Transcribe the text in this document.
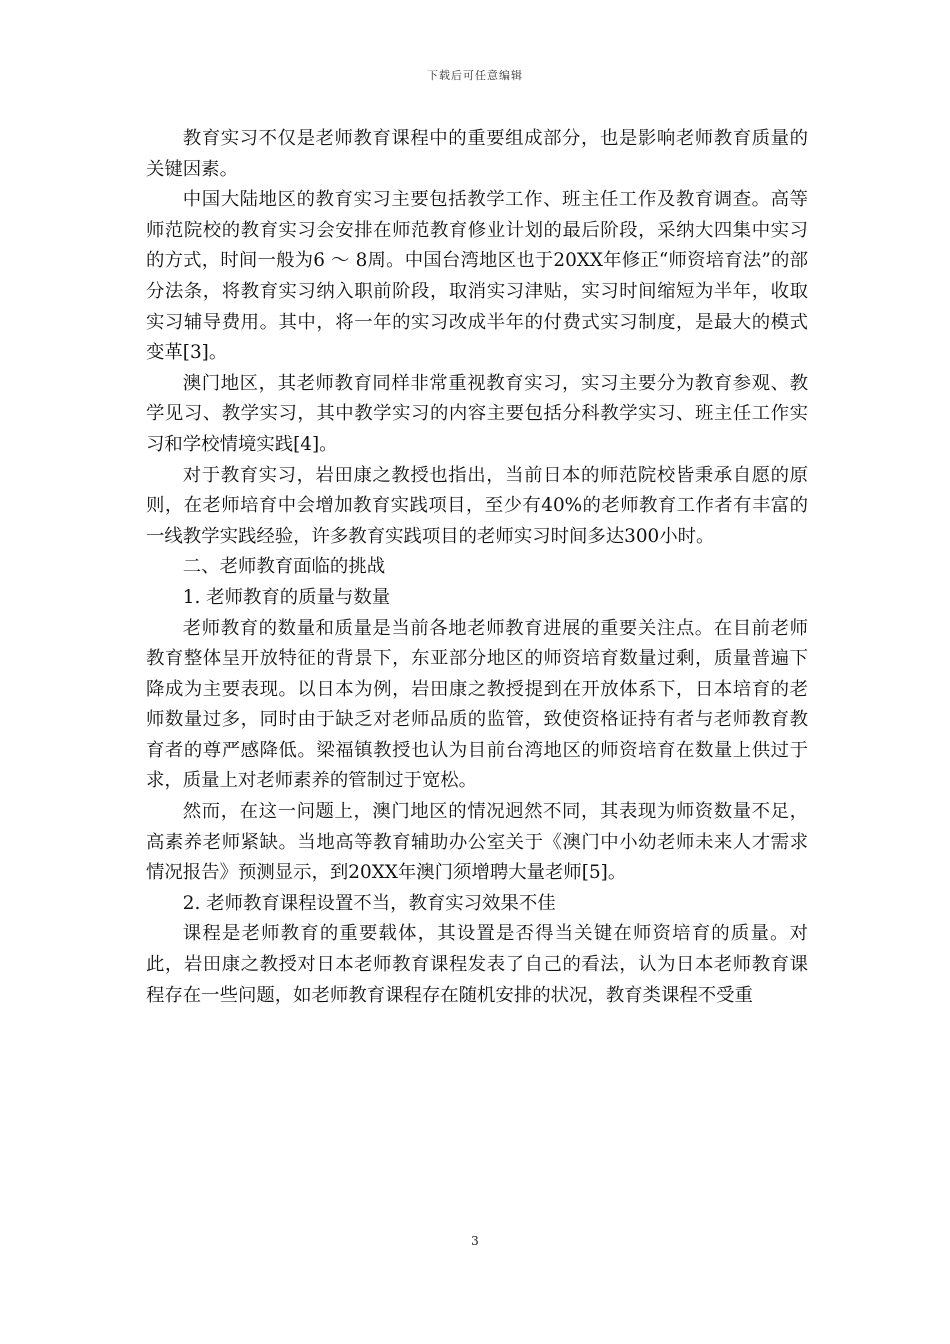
下载后可任意编辑

教育实习不仅是老师教育课程中的重要组成部分，也是影响老师教育质量的关键因素。

中国大陆地区的教育实习主要包括教学工作、班主任工作及教育调查。高等师范院校的教育实习会安排在师范教育修业计划的最后阶段，采纳大四集中实习的方式，时间一般为6 ～ 8周。中国台湾地区也于20XX年修正“师资培育法”的部分法条，将教育实习纳入职前阶段，取消实习津贴，实习时间缩短为半年，收取实习辅导费用。其中，将一年的实习改成半年的付费式实习制度，是最大的模式变革[3]。

澳门地区，其老师教育同样非常重视教育实习，实习主要分为教育参观、教学见习、教学实习，其中教学实习的内容主要包括分科教学实习、班主任工作实习和学校情境实践[4]。

对于教育实习，岩田康之教授也指出，当前日本的师范院校皆秉承自愿的原则，在老师培育中会增加教育实践项目，至少有40%的老师教育工作者有丰富的一线教学实践经验，许多教育实践项目的老师实习时间多达300小时。

二、老师教育面临的挑战

1. 老师教育的质量与数量

老师教育的数量和质量是当前各地老师教育进展的重要关注点。在目前老师教育整体呈开放特征的背景下，东亚部分地区的师资培育数量过剩，质量普遍下降成为主要表现。以日本为例，岩田康之教授提到在开放体系下，日本培育的老师数量过多，同时由于缺乏对老师品质的监管，致使资格证持有者与老师教育教育者的尊严感降低。梁福镇教授也认为目前台湾地区的师资培育在数量上供过于求，质量上对老师素养的管制过于宽松。

然而，在这一问题上，澳门地区的情况迥然不同，其表现为师资数量不足，高素养老师紧缺。当地高等教育辅助办公室关于《澳门中小幼老师未来人才需求情况报告》预测显示，到20XX年澳门须增聘大量老师[5]。

2. 老师教育课程设置不当，教育实习效果不佳

课程是老师教育的重要载体，其设置是否得当关键在师资培育的质量。对此，岩田康之教授对日本老师教育课程发表了自己的看法，认为日本老师教育课程存在一些问题，如老师教育课程存在随机安排的状况，教育类课程不受重

3
